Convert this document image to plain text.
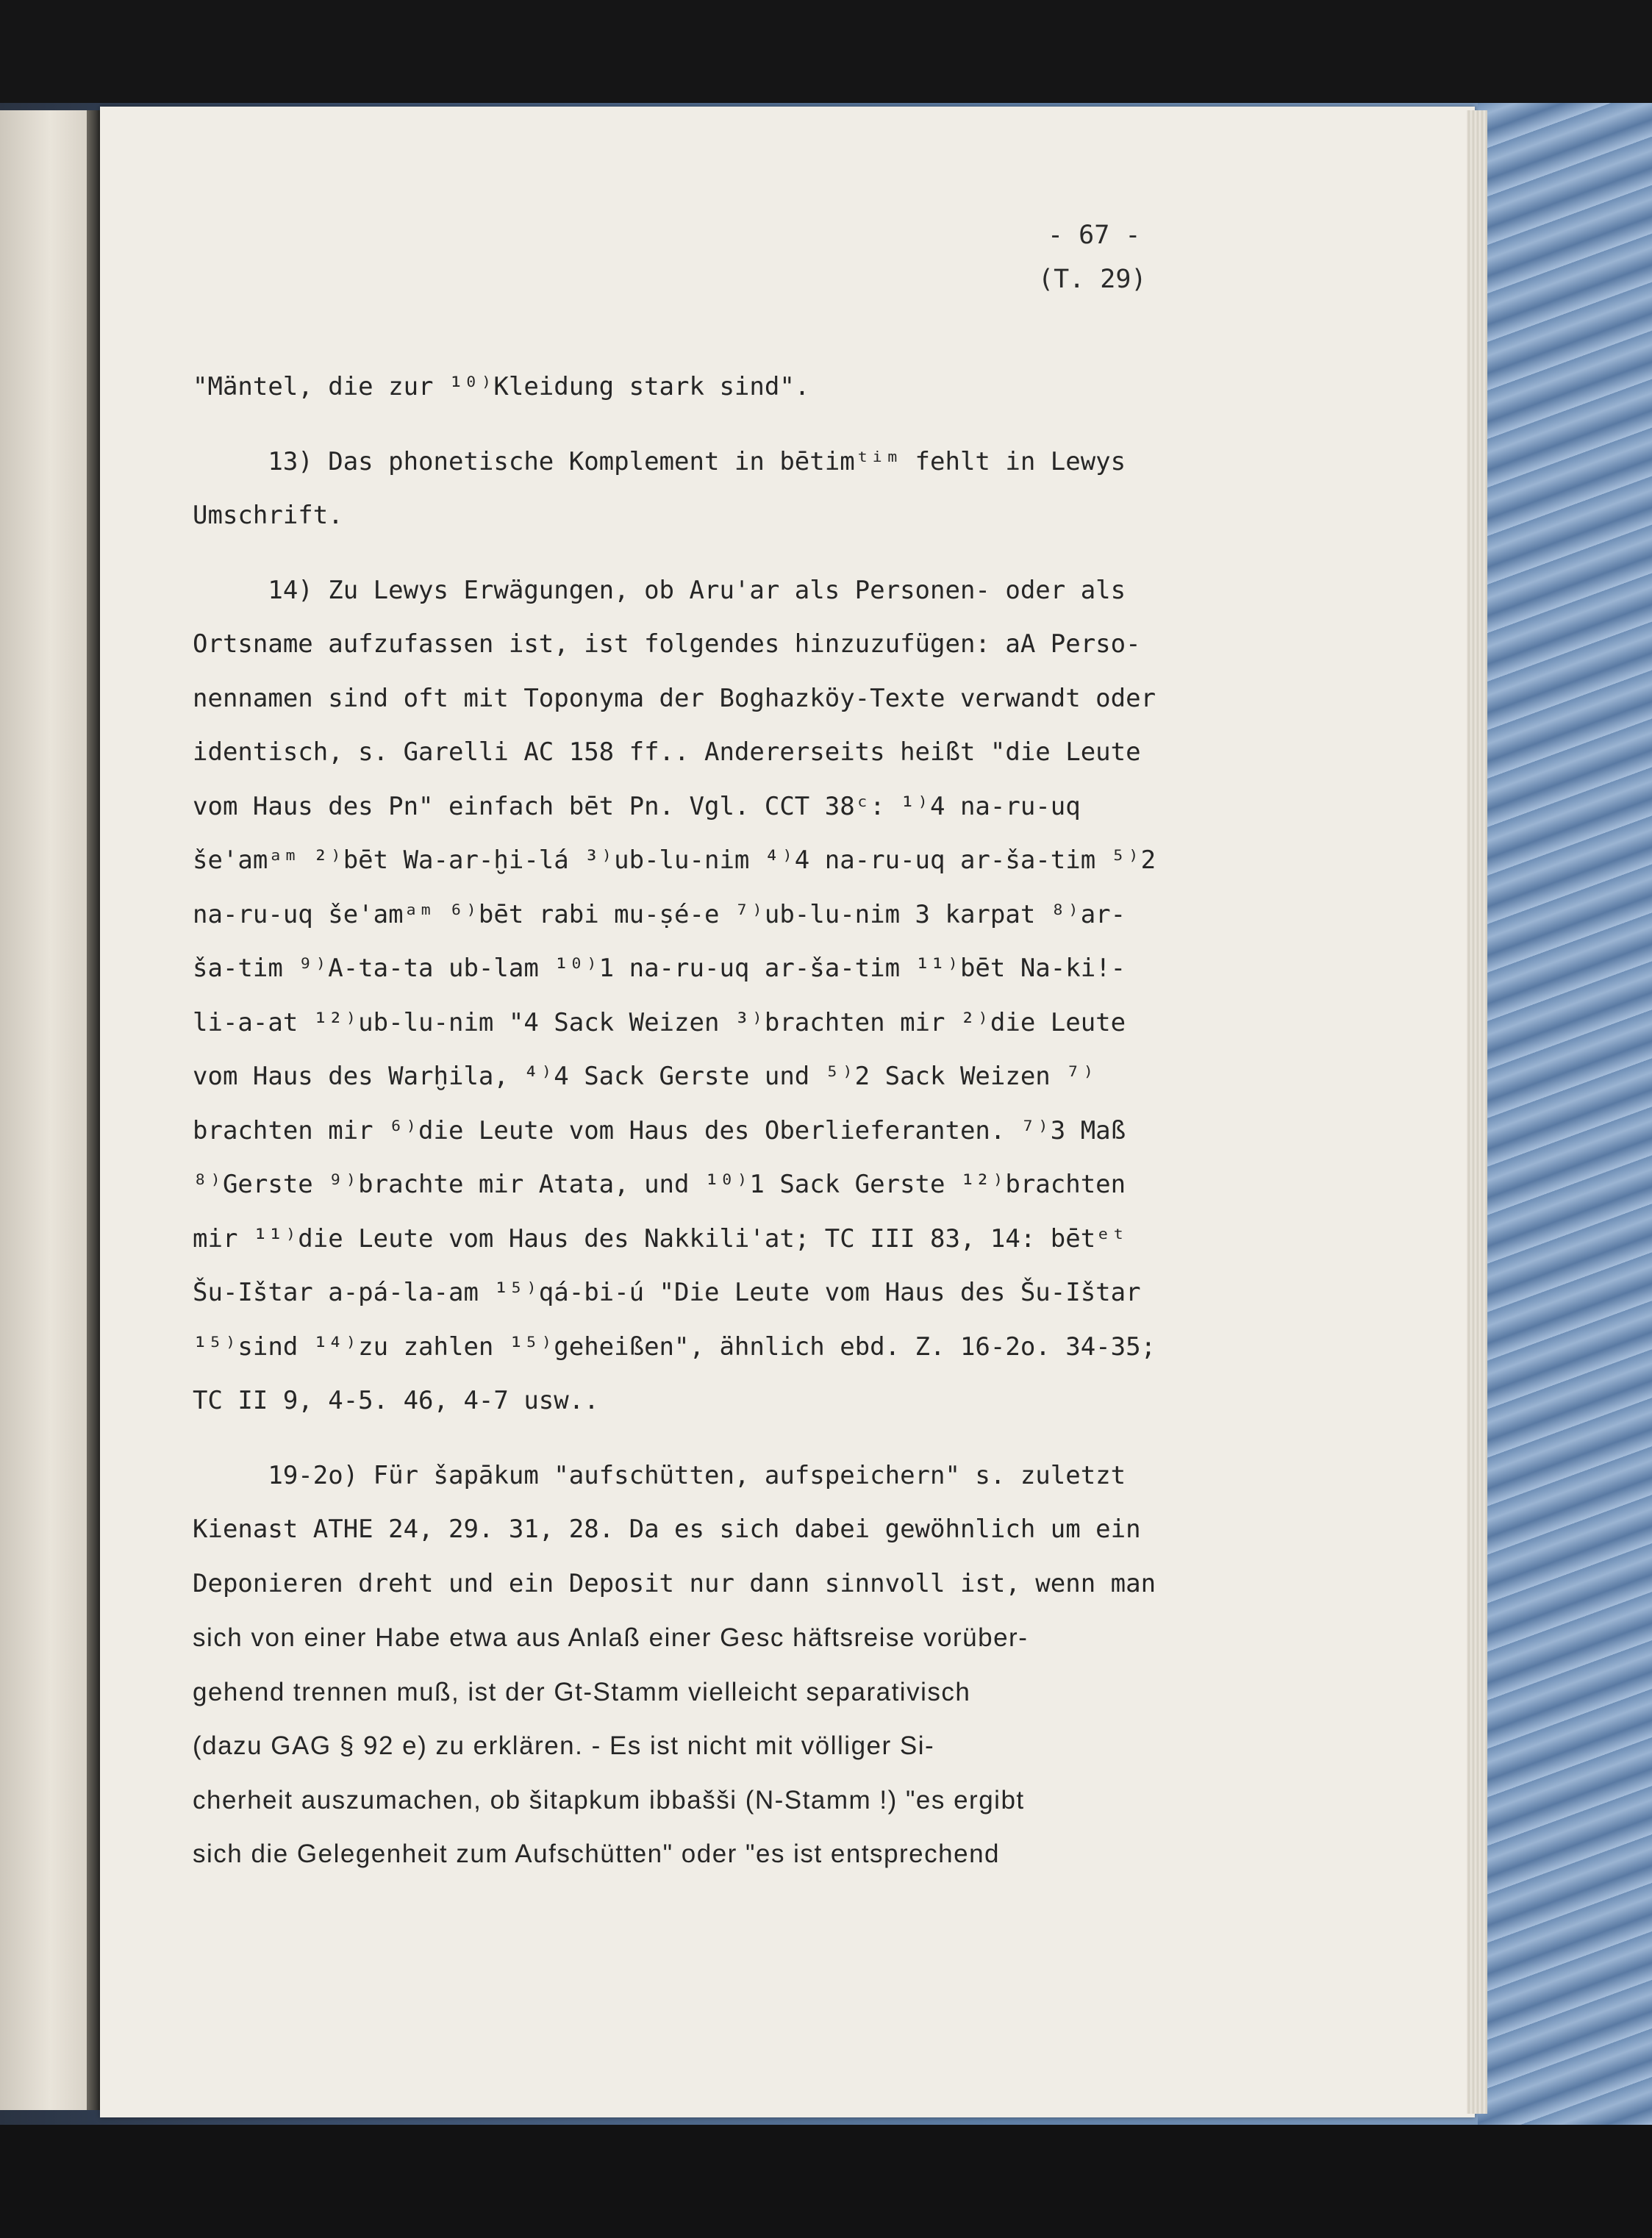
- 67 -
(T. 29)
"Mäntel, die zur ¹⁰⁾Kleidung stark sind".
13) Das phonetische Komplement in bētimᵗⁱᵐ fehlt in Lewys
Umschrift.
14) Zu Lewys Erwägungen, ob Aru'ar als Personen- oder als
Ortsname aufzufassen ist, ist folgendes hinzuzufügen: aA Perso-
nennamen sind oft mit Toponyma der Boghazköy-Texte verwandt oder
identisch, s. Garelli AC 158 ff.. Andererseits heißt "die Leute
vom Haus des Pn" einfach bēt Pn. Vgl. CCT 38ᶜ: ¹⁾4 na-ru-uq
še'amᵃᵐ ²⁾bēt Wa-ar-ḫi-lá ³⁾ub-lu-nim ⁴⁾4 na-ru-uq ar-ša-tim ⁵⁾2
na-ru-uq še'amᵃᵐ ⁶⁾bēt rabi mu-ṣé-e ⁷⁾ub-lu-nim 3 karpat ⁸⁾ar-
ša-tim ⁹⁾A-ta-ta ub-lam ¹⁰⁾1 na-ru-uq ar-ša-tim ¹¹⁾bēt Na-ki!-
li-a-at ¹²⁾ub-lu-nim "4 Sack Weizen ³⁾brachten mir ²⁾die Leute
vom Haus des Warḫila, ⁴⁾4 Sack Gerste und ⁵⁾2 Sack Weizen ⁷⁾
brachten mir ⁶⁾die Leute vom Haus des Oberlieferanten. ⁷⁾3 Maß
⁸⁾Gerste ⁹⁾brachte mir Atata, und ¹⁰⁾1 Sack Gerste ¹²⁾brachten
mir ¹¹⁾die Leute vom Haus des Nakkili'at; TC III 83, 14: bētᵉᵗ
Šu-Ištar a-pá-la-am ¹⁵⁾qá-bi-ú "Die Leute vom Haus des Šu-Ištar
¹⁵⁾sind ¹⁴⁾zu zahlen ¹⁵⁾geheißen", ähnlich ebd. Z. 16-2o. 34-35;
TC II 9, 4-5. 46, 4-7 usw..
19-2o) Für šapākum "aufschütten, aufspeichern" s. zuletzt
Kienast ATHE 24, 29. 31, 28. Da es sich dabei gewöhnlich um ein
Deponieren dreht und ein Deposit nur dann sinnvoll ist, wenn man
sich von einer Habe etwa aus Anlaß einer Gesc häftsreise vorüber-
gehend trennen muß, ist der Gt-Stamm vielleicht separativisch
(dazu GAG § 92 e) zu erklären. - Es ist nicht mit völliger Si-
cherheit auszumachen, ob šitapkum ibbašši (N-Stamm !) "es ergibt
sich die Gelegenheit zum Aufschütten" oder "es ist entsprechend
